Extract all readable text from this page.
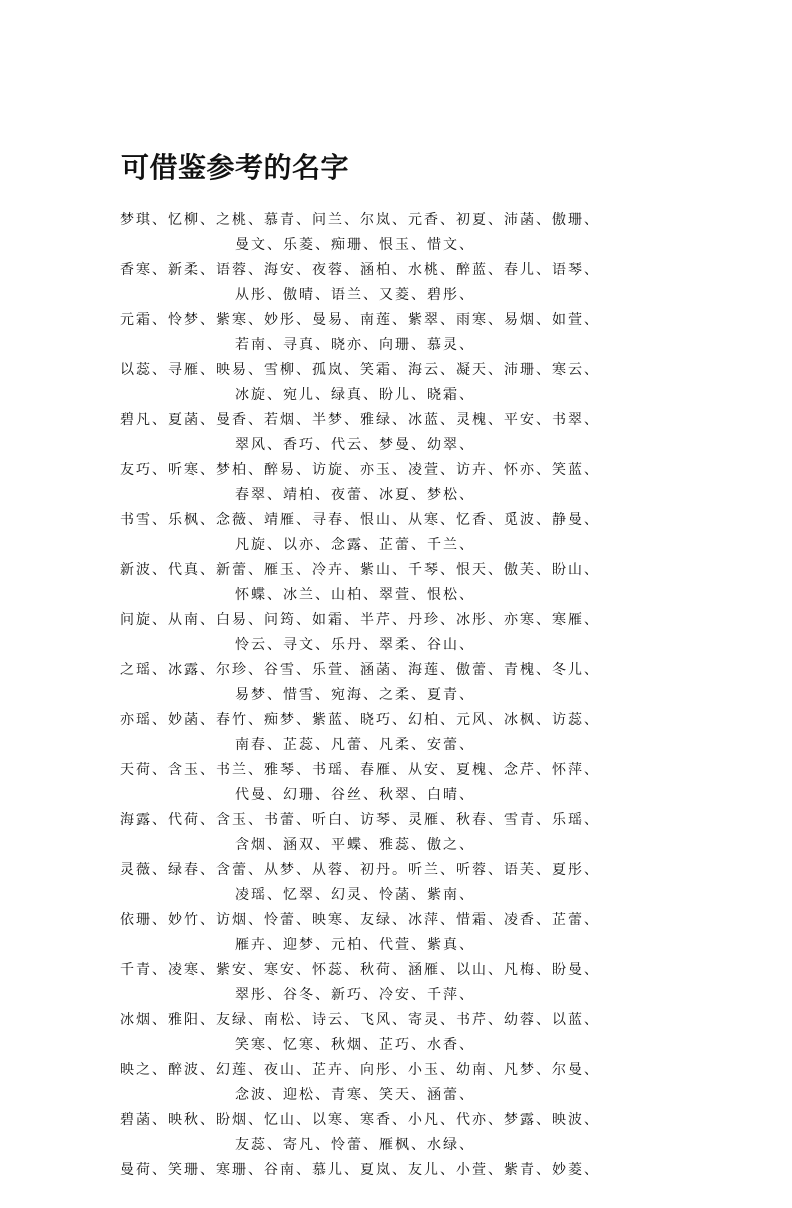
可借鉴参考的名字
梦琪、忆柳、之桃、慕青、问兰、尔岚、元香、初夏、沛菡、傲珊、
曼文、乐菱、痴珊、恨玉、惜文、
香寒、新柔、语蓉、海安、夜蓉、涵柏、水桃、醉蓝、春儿、语琴、
从彤、傲晴、语兰、又菱、碧彤、
元霜、怜梦、紫寒、妙彤、曼易、南莲、紫翠、雨寒、易烟、如萱、
若南、寻真、晓亦、向珊、慕灵、
以蕊、寻雁、映易、雪柳、孤岚、笑霜、海云、凝天、沛珊、寒云、
冰旋、宛儿、绿真、盼儿、晓霜、
碧凡、夏菡、曼香、若烟、半梦、雅绿、冰蓝、灵槐、平安、书翠、
翠风、香巧、代云、梦曼、幼翠、
友巧、听寒、梦柏、醉易、访旋、亦玉、凌萱、访卉、怀亦、笑蓝、
春翠、靖柏、夜蕾、冰夏、梦松、
书雪、乐枫、念薇、靖雁、寻春、恨山、从寒、忆香、觅波、静曼、
凡旋、以亦、念露、芷蕾、千兰、
新波、代真、新蕾、雁玉、冷卉、紫山、千琴、恨天、傲芙、盼山、
怀蝶、冰兰、山柏、翠萱、恨松、
问旋、从南、白易、问筠、如霜、半芹、丹珍、冰彤、亦寒、寒雁、
怜云、寻文、乐丹、翠柔、谷山、
之瑶、冰露、尔珍、谷雪、乐萱、涵菡、海莲、傲蕾、青槐、冬儿、
易梦、惜雪、宛海、之柔、夏青、
亦瑶、妙菡、春竹、痴梦、紫蓝、晓巧、幻柏、元风、冰枫、访蕊、
南春、芷蕊、凡蕾、凡柔、安蕾、
天荷、含玉、书兰、雅琴、书瑶、春雁、从安、夏槐、念芹、怀萍、
代曼、幻珊、谷丝、秋翠、白晴、
海露、代荷、含玉、书蕾、听白、访琴、灵雁、秋春、雪青、乐瑶、
含烟、涵双、平蝶、雅蕊、傲之、
灵薇、绿春、含蕾、从梦、从蓉、初丹。听兰、听蓉、语芙、夏彤、
凌瑶、忆翠、幻灵、怜菡、紫南、
依珊、妙竹、访烟、怜蕾、映寒、友绿、冰萍、惜霜、凌香、芷蕾、
雁卉、迎梦、元柏、代萱、紫真、
千青、凌寒、紫安、寒安、怀蕊、秋荷、涵雁、以山、凡梅、盼曼、
翠彤、谷冬、新巧、冷安、千萍、
冰烟、雅阳、友绿、南松、诗云、飞风、寄灵、书芹、幼蓉、以蓝、
笑寒、忆寒、秋烟、芷巧、水香、
映之、醉波、幻莲、夜山、芷卉、向彤、小玉、幼南、凡梦、尔曼、
念波、迎松、青寒、笑天、涵蕾、
碧菡、映秋、盼烟、忆山、以寒、寒香、小凡、代亦、梦露、映波、
友蕊、寄凡、怜蕾、雁枫、水绿、
曼荷、笑珊、寒珊、谷南、慕儿、夏岚、友儿、小萱、紫青、妙菱、
